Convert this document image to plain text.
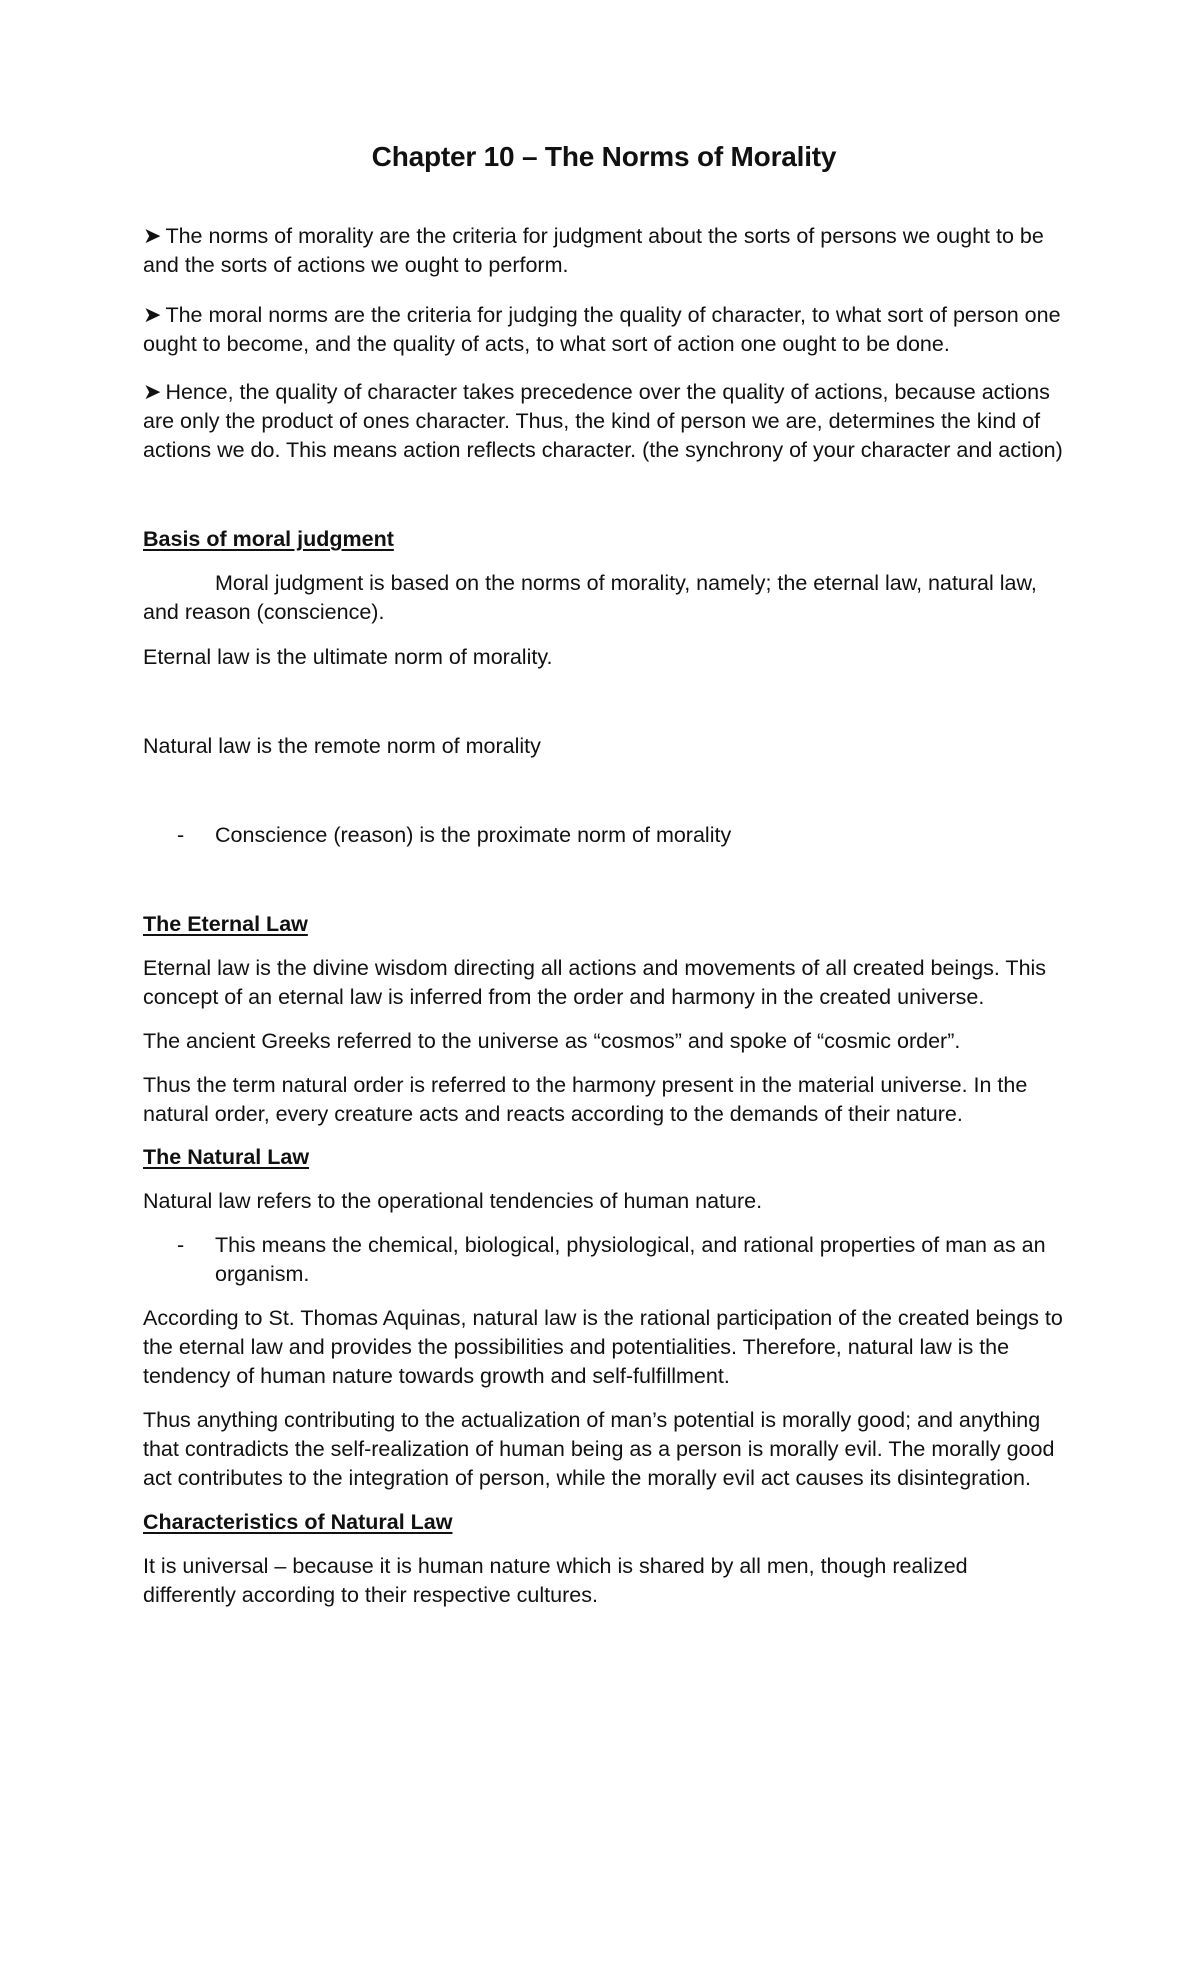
Chapter 10 – The Norms of Morality

➤ The norms of morality are the criteria for judgment about the sorts of persons we ought to be and the sorts of actions we ought to perform.

➤ The moral norms are the criteria for judging the quality of character, to what sort of person one ought to become, and the quality of acts, to what sort of action one ought to be done.

➤ Hence, the quality of character takes precedence over the quality of actions, because actions are only the product of ones character. Thus, the kind of person we are, determines the kind of actions we do. This means action reflects character. (the synchrony of your character and action)

Basis of moral judgment

Moral judgment is based on the norms of morality, namely; the eternal law, natural law, and reason (conscience).

Eternal law is the ultimate norm of morality.

Natural law is the remote norm of morality

- Conscience (reason) is the proximate norm of morality

The Eternal Law

Eternal law is the divine wisdom directing all actions and movements of all created beings. This concept of an eternal law is inferred from the order and harmony in the created universe.

The ancient Greeks referred to the universe as “cosmos” and spoke of “cosmic order”.

Thus the term natural order is referred to the harmony present in the material universe. In the natural order, every creature acts and reacts according to the demands of their nature.

The Natural Law

Natural law refers to the operational tendencies of human nature.

- This means the chemical, biological, physiological, and rational properties of man as an organism.

According to St. Thomas Aquinas, natural law is the rational participation of the created beings to the eternal law and provides the possibilities and potentialities. Therefore, natural law is the tendency of human nature towards growth and self-fulfillment.

Thus anything contributing to the actualization of man’s potential is morally good; and anything that contradicts the self-realization of human being as a person is morally evil. The morally good act contributes to the integration of person, while the morally evil act causes its disintegration.

Characteristics of Natural Law

It is universal – because it is human nature which is shared by all men, though realized differently according to their respective cultures.
